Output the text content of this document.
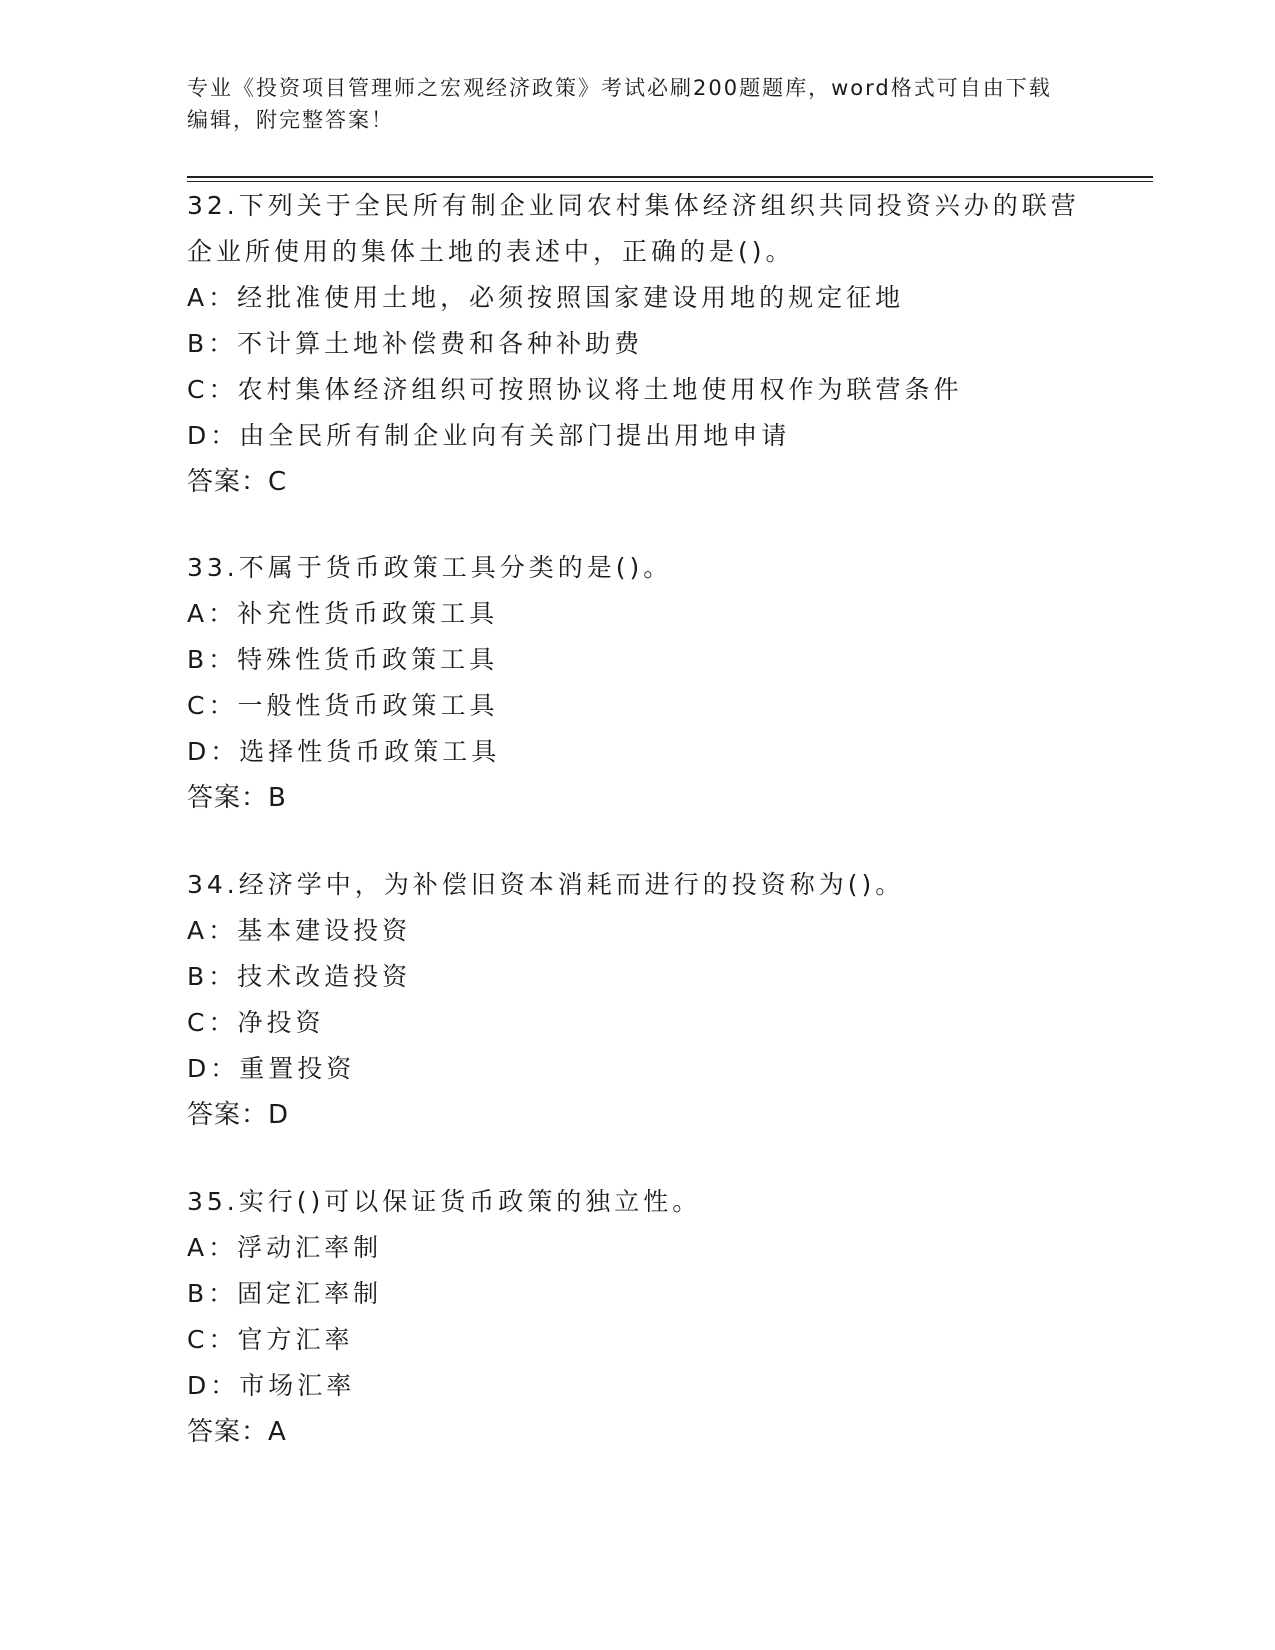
专业《投资项目管理师之宏观经济政策》考试必刷200题题库，word格式可自由下载编辑，附完整答案！

32.下列关于全民所有制企业同农村集体经济组织共同投资兴办的联营企业所使用的集体土地的表述中，正确的是()。

A：经批准使用土地，必须按照国家建设用地的规定征地

B：不计算土地补偿费和各种补助费

C：农村集体经济组织可按照协议将土地使用权作为联营条件

D：由全民所有制企业向有关部门提出用地申请

答案：C

33.不属于货币政策工具分类的是()。

A：补充性货币政策工具

B：特殊性货币政策工具

C：一般性货币政策工具

D：选择性货币政策工具

答案：B

34.经济学中，为补偿旧资本消耗而进行的投资称为()。

A：基本建设投资

B：技术改造投资

C：净投资

D：重置投资

答案：D

35.实行()可以保证货币政策的独立性。

A：浮动汇率制

B：固定汇率制

C：官方汇率

D：市场汇率

答案：A
